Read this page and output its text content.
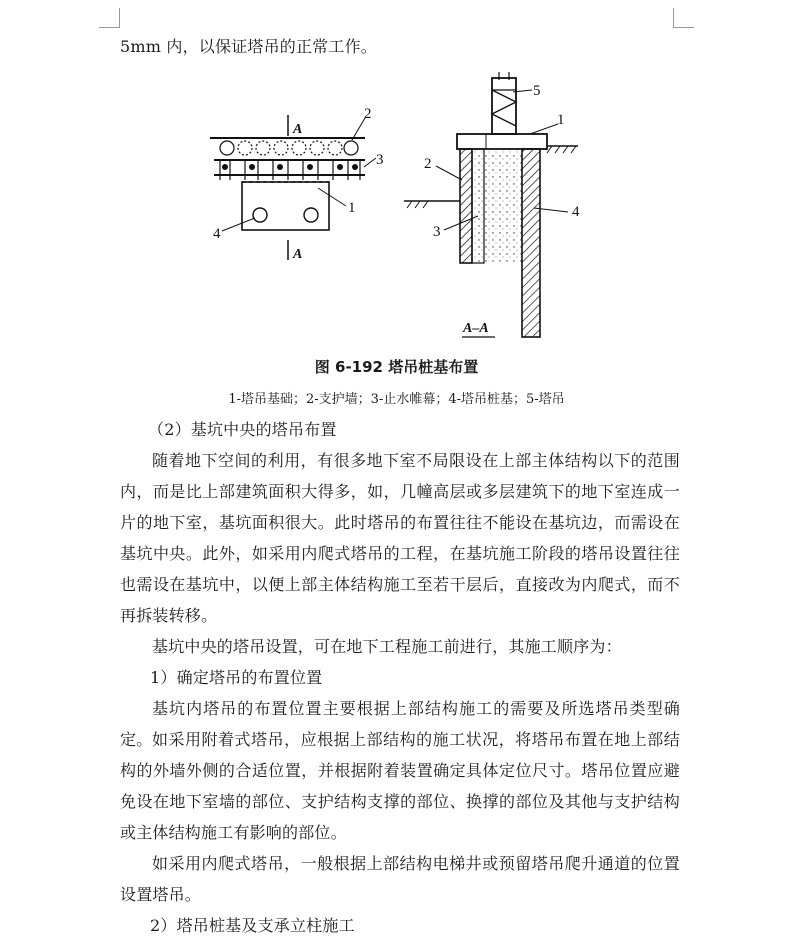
5mm 内，以保证塔吊的正常工作。

A
2
3
1
4
A
5
1
2
3
4
A–A
图 6-192 塔吊桩基布置
1-塔吊基础；2-支护墙；3-止水帷幕；4-塔吊桩基；5-塔吊

（2）基坑中央的塔吊布置

随着地下空间的利用，有很多地下室不局限设在上部主体结构以下的范围内，而是比上部建筑面积大得多，如，几幢高层或多层建筑下的地下室连成一片的地下室，基坑面积很大。此时塔吊的布置往往不能设在基坑边，而需设在基坑中央。此外，如采用内爬式塔吊的工程，在基坑施工阶段的塔吊设置往往也需设在基坑中，以便上部主体结构施工至若干层后，直接改为内爬式，而不再拆装转移。

基坑中央的塔吊设置，可在地下工程施工前进行，其施工顺序为：

1）确定塔吊的布置位置

基坑内塔吊的布置位置主要根据上部结构施工的需要及所选塔吊类型确定。 如采用附着式塔吊，应根据上部结构的施工状况，将塔吊布置在地上部结构的外墙外侧的合适位置，并根据附着装置确定具体定位尺寸。塔吊位置应避免设在地下室墙的部位、支护结构支撑的部位、换撑的部位及其他与支护结构或主体结构施工有影响的部位。

如采用内爬式塔吊，一般根据上部结构电梯井或预留塔吊爬升通道的位置设置塔吊。

2）塔吊桩基及支承立柱施工
